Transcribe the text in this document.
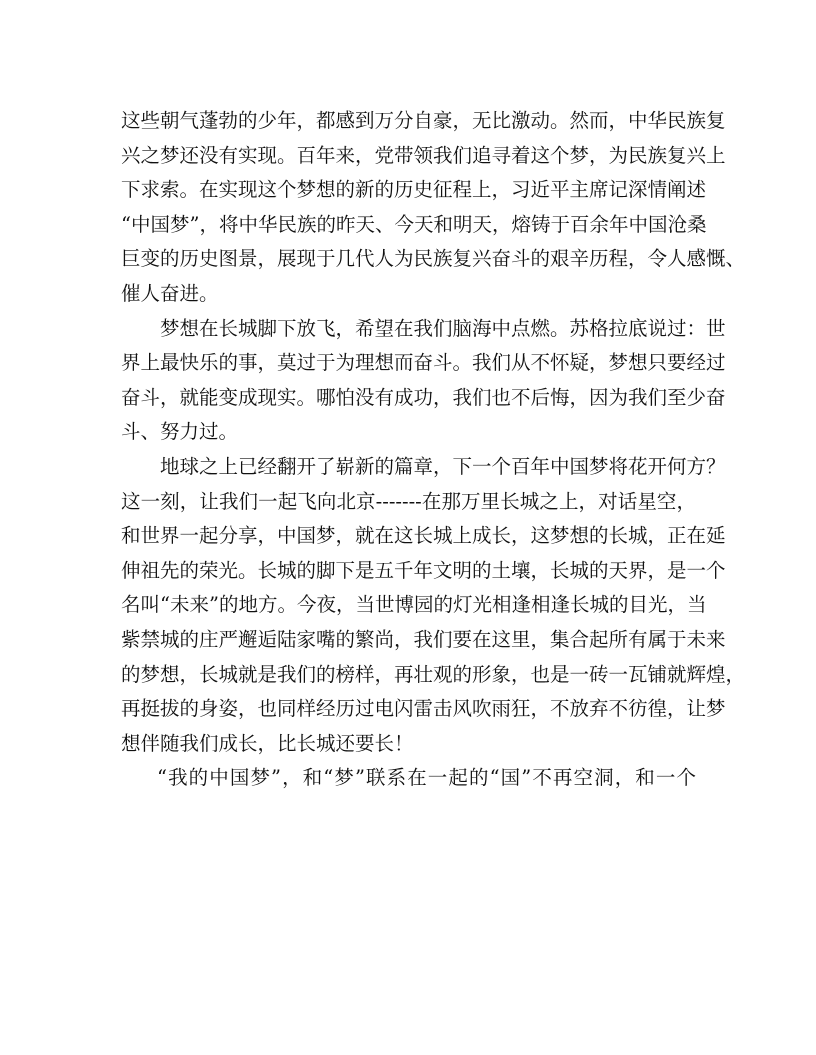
这些朝气蓬勃的少年，都感到万分自豪，无比激动。然而，中华民族复
兴之梦还没有实现。百年来，党带领我们追寻着这个梦，为民族复兴上
下求索。在实现这个梦想的新的历史征程上，习近平主席记深情阐述
“中国梦”，将中华民族的昨天、今天和明天，熔铸于百余年中国沧桑
巨变的历史图景，展现于几代人为民族复兴奋斗的艰辛历程，令人感慨、
催人奋进。
梦想在长城脚下放飞，希望在我们脑海中点燃。苏格拉底说过：世
界上最快乐的事，莫过于为理想而奋斗。我们从不怀疑，梦想只要经过
奋斗，就能变成现实。哪怕没有成功，我们也不后悔，因为我们至少奋
斗、努力过。
地球之上已经翻开了崭新的篇章，下一个百年中国梦将花开何方？
这一刻，让我们一起飞向北京-------在那万里长城之上，对话星空，
和世界一起分享，中国梦，就在这长城上成长，这梦想的长城，正在延
伸祖先的荣光。长城的脚下是五千年文明的土壤，长城的天界，是一个
名叫“未来”的地方。今夜，当世博园的灯光相逢相逢长城的目光，当
紫禁城的庄严邂逅陆家嘴的繁尚，我们要在这里，集合起所有属于未来
的梦想，长城就是我们的榜样，再壮观的形象，也是一砖一瓦铺就辉煌，
再挺拔的身姿，也同样经历过电闪雷击风吹雨狂，不放弃不彷徨，让梦
想伴随我们成长，比长城还要长！
“我的中国梦”，和“梦”联系在一起的“国”不再空洞，和一个
